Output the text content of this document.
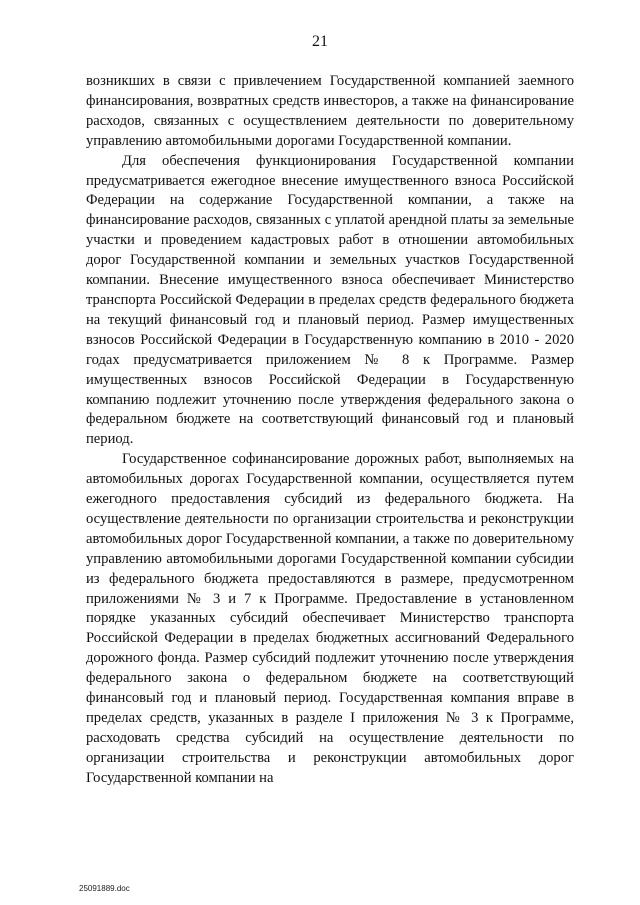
21

возникших в связи с привлечением Государственной компанией заемного финансирования, возвратных средств инвесторов, а также на финансирование расходов, связанных с осуществлением деятельности по доверительному управлению автомобильными дорогами Государственной компании.

Для обеспечения функционирования Государственной компании предусматривается ежегодное внесение имущественного взноса Российской Федерации на содержание Государственной компании, а также на финансирование расходов, связанных с уплатой арендной платы за земельные участки и проведением кадастровых работ в отношении автомобильных дорог Государственной компании и земельных участков Государственной компании. Внесение имущественного взноса обеспечивает Министерство транспорта Российской Федерации в пределах средств федерального бюджета на текущий финансовый год и плановый период. Размер имущественных взносов Российской Федерации в Государственную компанию в 2010 - 2020 годах предусматривается приложением № 8 к Программе. Размер имущественных взносов Российской Федерации в Государственную компанию подлежит уточнению после утверждения федерального закона о федеральном бюджете на соответствующий финансовый год и плановый период.

Государственное софинансирование дорожных работ, выполняемых на автомобильных дорогах Государственной компании, осуществляется путем ежегодного предоставления субсидий из федерального бюджета. На осуществление деятельности по организации строительства и реконструкции автомобильных дорог Государственной компании, а также по доверительному управлению автомобильными дорогами Государственной компании субсидии из федерального бюджета предоставляются в размере, предусмотренном приложениями № 3 и 7 к Программе. Предоставление в установленном порядке указанных субсидий обеспечивает Министерство транспорта Российской Федерации в пределах бюджетных ассигнований Федерального дорожного фонда. Размер субсидий подлежит уточнению после утверждения федерального закона о федеральном бюджете на соответствующий финансовый год и плановый период. Государственная компания вправе в пределах средств, указанных в разделе I приложения № 3 к Программе, расходовать средства субсидий на осуществление деятельности по организации строительства и реконструкции автомобильных дорог Государственной компании на

25091889.doc
